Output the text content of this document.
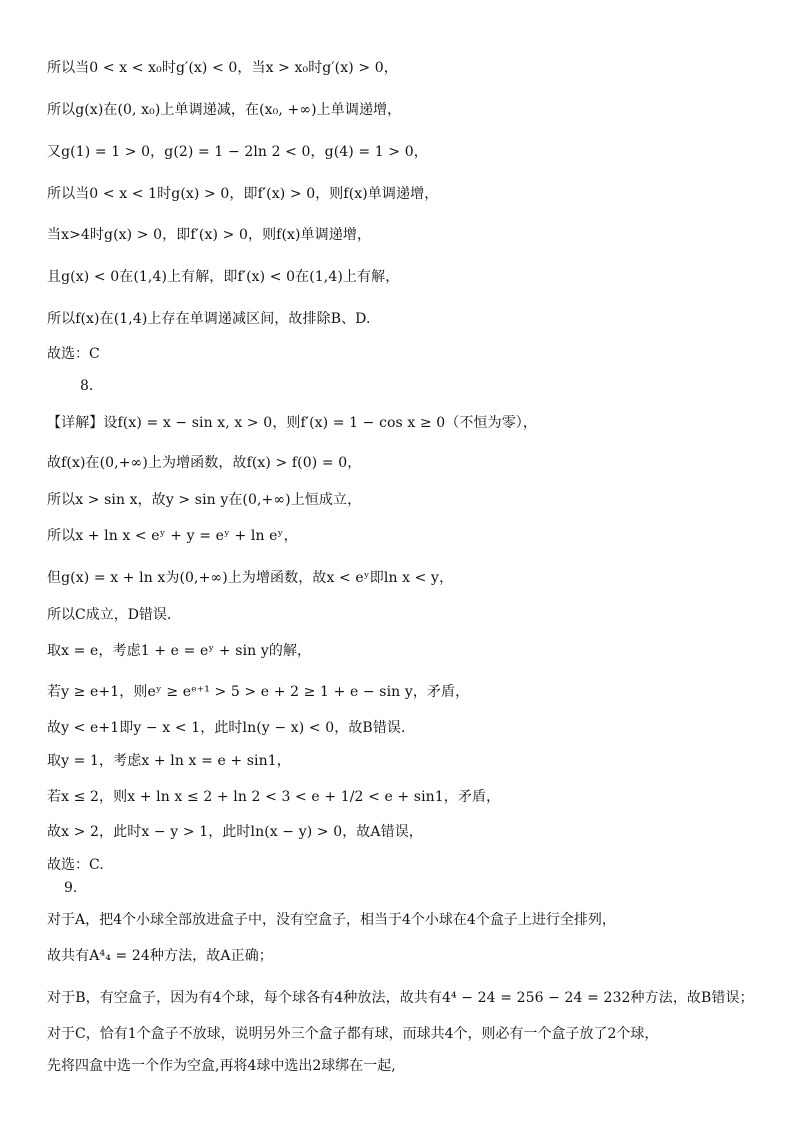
所以当0 < x < x₀时g′(x) < 0，当x > x₀时g′(x) > 0，
所以g(x)在(0, x₀)上单调递减，在(x₀, +∞)上单调递增，
又g(1) = 1 > 0，g(2) = 1 − 2ln 2 < 0，g(4) = 1 > 0，
所以当0 < x < 1时g(x) > 0，即f′(x) > 0，则f(x)单调递增，
当x>4时g(x) > 0，即f′(x) > 0，则f(x)单调递增，
且g(x) < 0在(1,4)上有解，即f′(x) < 0在(1,4)上有解，
所以f(x)在(1,4)上存在单调递减区间，故排除B、D.
故选：C
8.
【详解】设f(x) = x − sin x, x > 0，则f′(x) = 1 − cos x ≥ 0（不恒为零），
故f(x)在(0,+∞)上为增函数，故f(x) > f(0) = 0，
所以x > sin x，故y > sin y在(0,+∞)上恒成立，
所以x + ln x < eʸ + y = eʸ + ln eʸ，
但g(x) = x + ln x为(0,+∞)上为增函数，故x < eʸ即ln x < y，
所以C成立，D错误.
取x = e，考虑1 + e = eʸ + sin y的解，
若y ≥ e+1，则eʸ ≥ eᵉ⁺¹ > 5 > e + 2 ≥ 1 + e − sin y，矛盾，
故y < e+1即y − x < 1，此时ln(y − x) < 0，故B错误.
取y = 1，考虑x + ln x = e + sin1，
若x ≤ 2，则x + ln x ≤ 2 + ln 2 < 3 < e + 1/2 < e + sin1，矛盾，
故x > 2，此时x − y > 1，此时ln(x − y) > 0，故A错误，
故选：C.
9.
对于A，把4个小球全部放进盒子中，没有空盒子，相当于4个小球在4个盒子上进行全排列，
故共有A⁴₄ = 24种方法，故A正确；
对于B，有空盒子，因为有4个球，每个球各有4种放法，故共有4⁴ − 24 = 256 − 24 = 232种方法，故B错误；
对于C，恰有1个盒子不放球，说明另外三个盒子都有球，而球共4个，则必有一个盒子放了2个球，
先将四盒中选一个作为空盒,再将4球中选出2球绑在一起,
